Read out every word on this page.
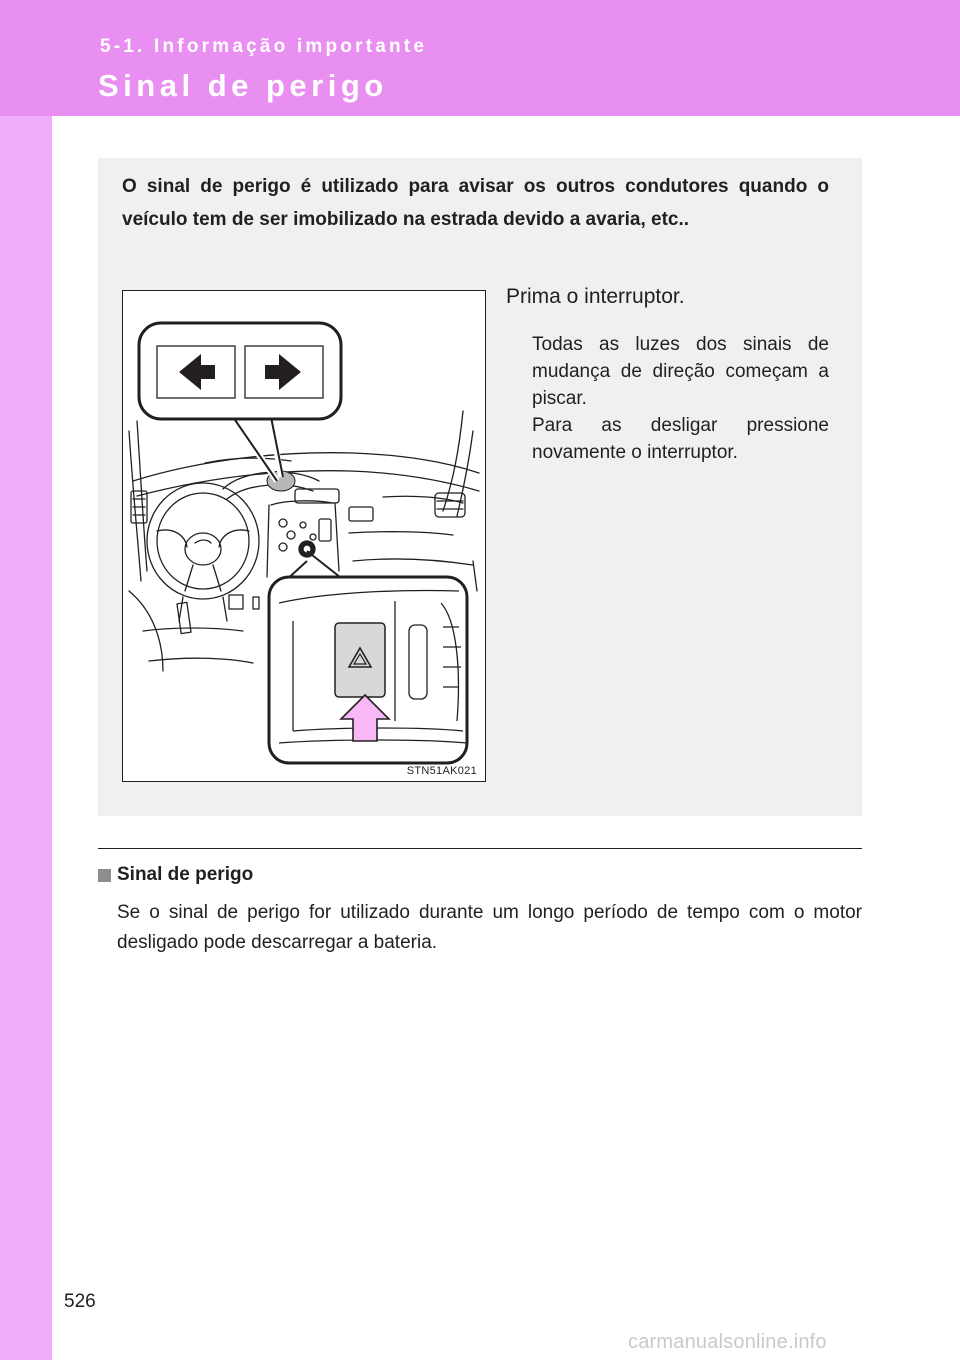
5-1. Informação importante
Sinal de perigo
O sinal de perigo é utilizado para avisar os outros condutores quando o veículo tem de ser imobilizado na estrada devido a avaria, etc..
STN51AK021
Prima o interruptor.

Todas as luzes dos sinais de mudança de direção começam a piscar.

Para as desligar pressione novamente o interruptor.

Sinal de perigo
Se o sinal de perigo for utilizado durante um longo período de tempo com o motor desligado pode descarregar a bateria.
526
carmanualsonline.info
